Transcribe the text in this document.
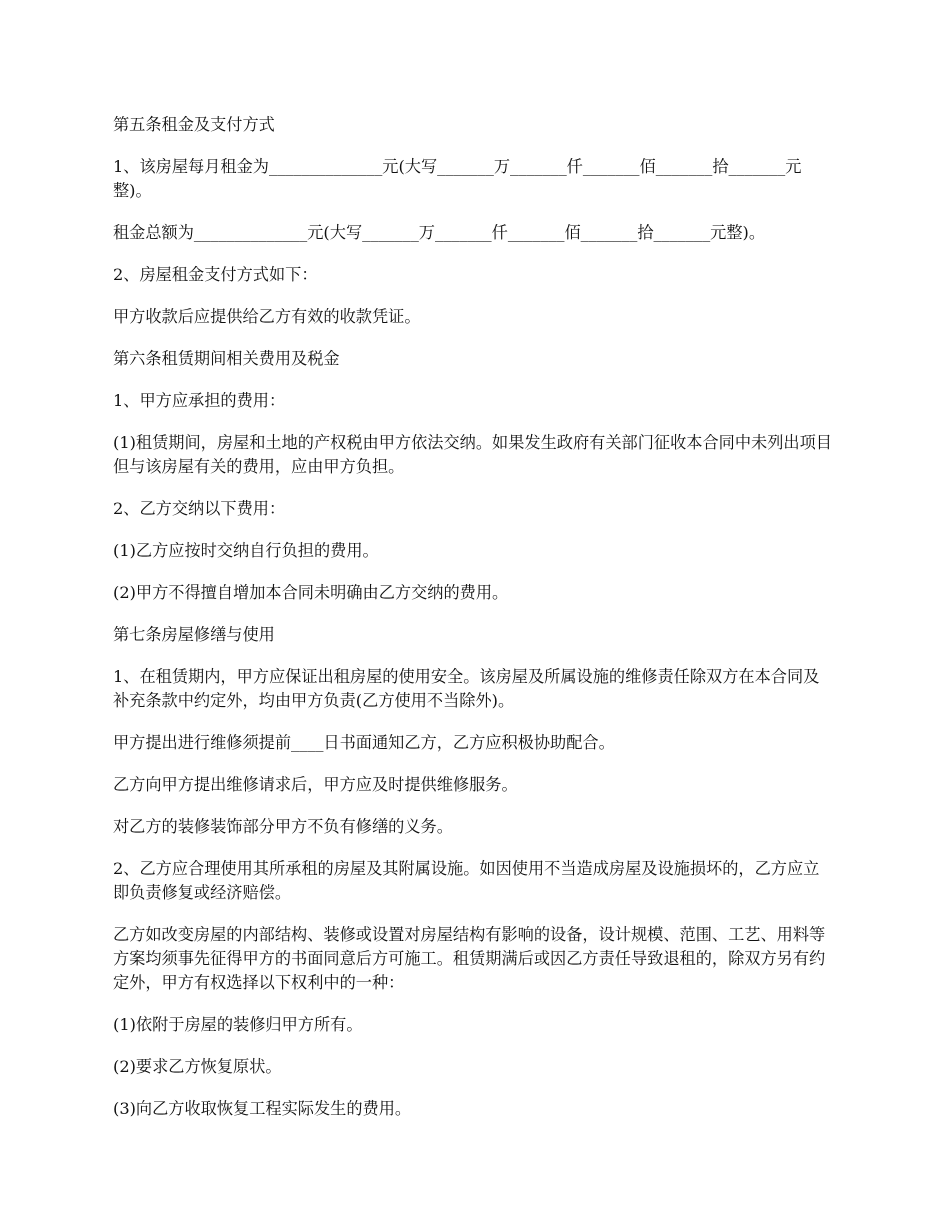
第五条租金及支付方式

1、该房屋每月租金为______________元(大写_______万_______仟_______佰_______拾_______元整)。

租金总额为______________元(大写_______万_______仟_______佰_______拾_______元整)。

2、房屋租金支付方式如下：

甲方收款后应提供给乙方有效的收款凭证。

第六条租赁期间相关费用及税金

1、甲方应承担的费用：

(1)租赁期间，房屋和土地的产权税由甲方依法交纳。如果发生政府有关部门征收本合同中未列出项目但与该房屋有关的费用，应由甲方负担。

2、乙方交纳以下费用：

(1)乙方应按时交纳自行负担的费用。

(2)甲方不得擅自增加本合同未明确由乙方交纳的费用。

第七条房屋修缮与使用

1、在租赁期内，甲方应保证出租房屋的使用安全。该房屋及所属设施的维修责任除双方在本合同及补充条款中约定外，均由甲方负责(乙方使用不当除外)。

甲方提出进行维修须提前____日书面通知乙方，乙方应积极协助配合。

乙方向甲方提出维修请求后，甲方应及时提供维修服务。

对乙方的装修装饰部分甲方不负有修缮的义务。

2、乙方应合理使用其所承租的房屋及其附属设施。如因使用不当造成房屋及设施损坏的，乙方应立即负责修复或经济赔偿。

乙方如改变房屋的内部结构、装修或设置对房屋结构有影响的设备，设计规模、范围、工艺、用料等方案均须事先征得甲方的书面同意后方可施工。租赁期满后或因乙方责任导致退租的，除双方另有约定外，甲方有权选择以下权利中的一种：

(1)依附于房屋的装修归甲方所有。

(2)要求乙方恢复原状。

(3)向乙方收取恢复工程实际发生的费用。
